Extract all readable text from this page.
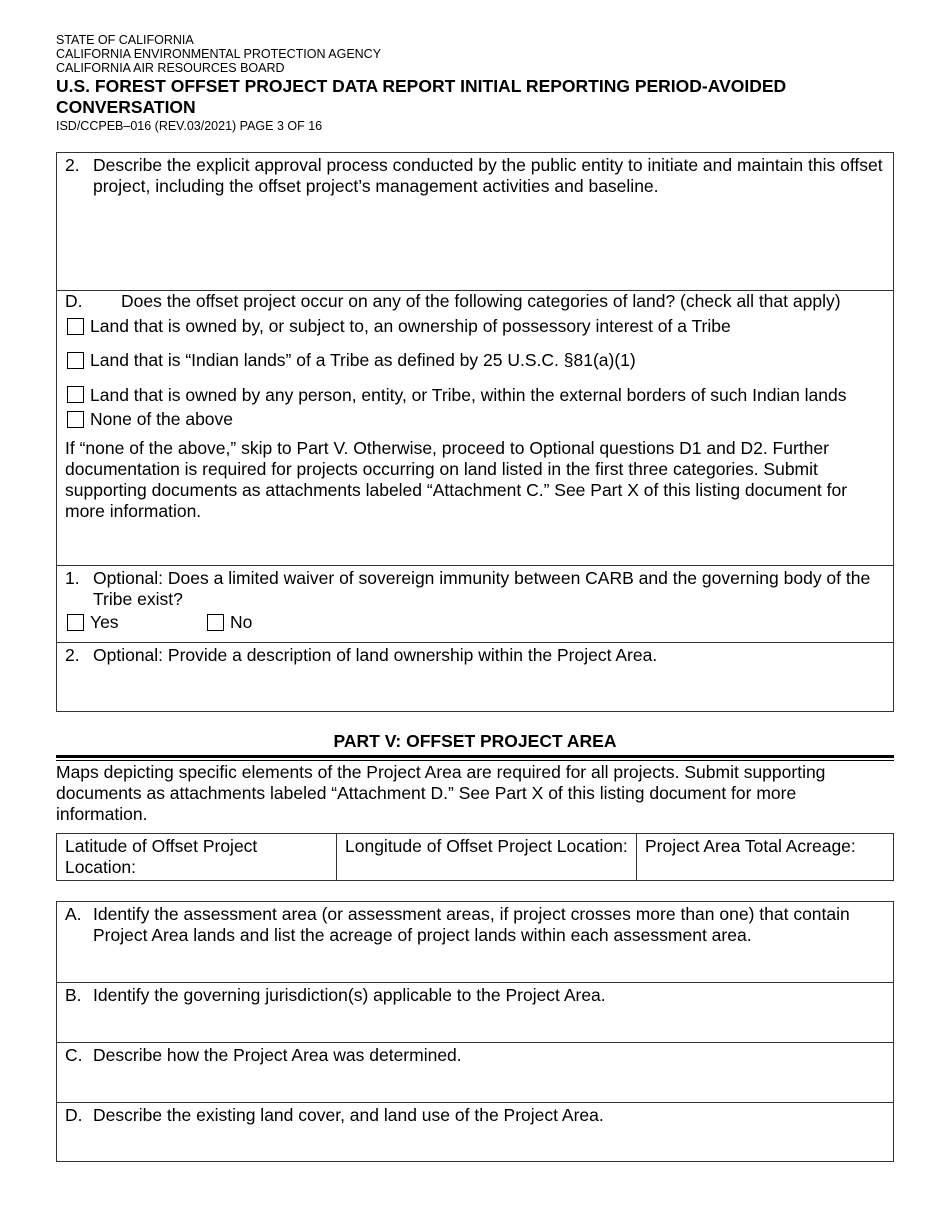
STATE OF CALIFORNIA
CALIFORNIA ENVIRONMENTAL PROTECTION AGENCY
CALIFORNIA AIR RESOURCES BOARD
U.S. FOREST OFFSET PROJECT DATA REPORT INITIAL REPORTING PERIOD-AVOIDED CONVERSATION
ISD/CCPEB–016 (REV.03/2021) PAGE 3 OF 16
2. Describe the explicit approval process conducted by the public entity to initiate and maintain this offset project, including the offset project’s management activities and baseline.
D. Does the offset project occur on any of the following categories of land? (check all that apply)
Land that is owned by, or subject to, an ownership of possessory interest of a Tribe
Land that is “Indian lands” of a Tribe as defined by 25 U.S.C. §81(a)(1)
Land that is owned by any person, entity, or Tribe, within the external borders of such Indian lands
None of the above
If “none of the above,” skip to Part V. Otherwise, proceed to Optional questions D1 and D2. Further documentation is required for projects occurring on land listed in the first three categories. Submit supporting documents as attachments labeled “Attachment C.” See Part X of this listing document for more information.
1. Optional: Does a limited waiver of sovereign immunity between CARB and the governing body of the Tribe exist?
Yes	No
2. Optional: Provide a description of land ownership within the Project Area.
PART V: OFFSET PROJECT AREA
Maps depicting specific elements of the Project Area are required for all projects. Submit supporting documents as attachments labeled “Attachment D.” See Part X of this listing document for more information.
Latitude of Offset Project Location:	Longitude of Offset Project Location:	Project Area Total Acreage:
A. Identify the assessment area (or assessment areas, if project crosses more than one) that contain Project Area lands and list the acreage of project lands within each assessment area.
B. Identify the governing jurisdiction(s) applicable to the Project Area.
C. Describe how the Project Area was determined.
D. Describe the existing land cover, and land use of the Project Area.
